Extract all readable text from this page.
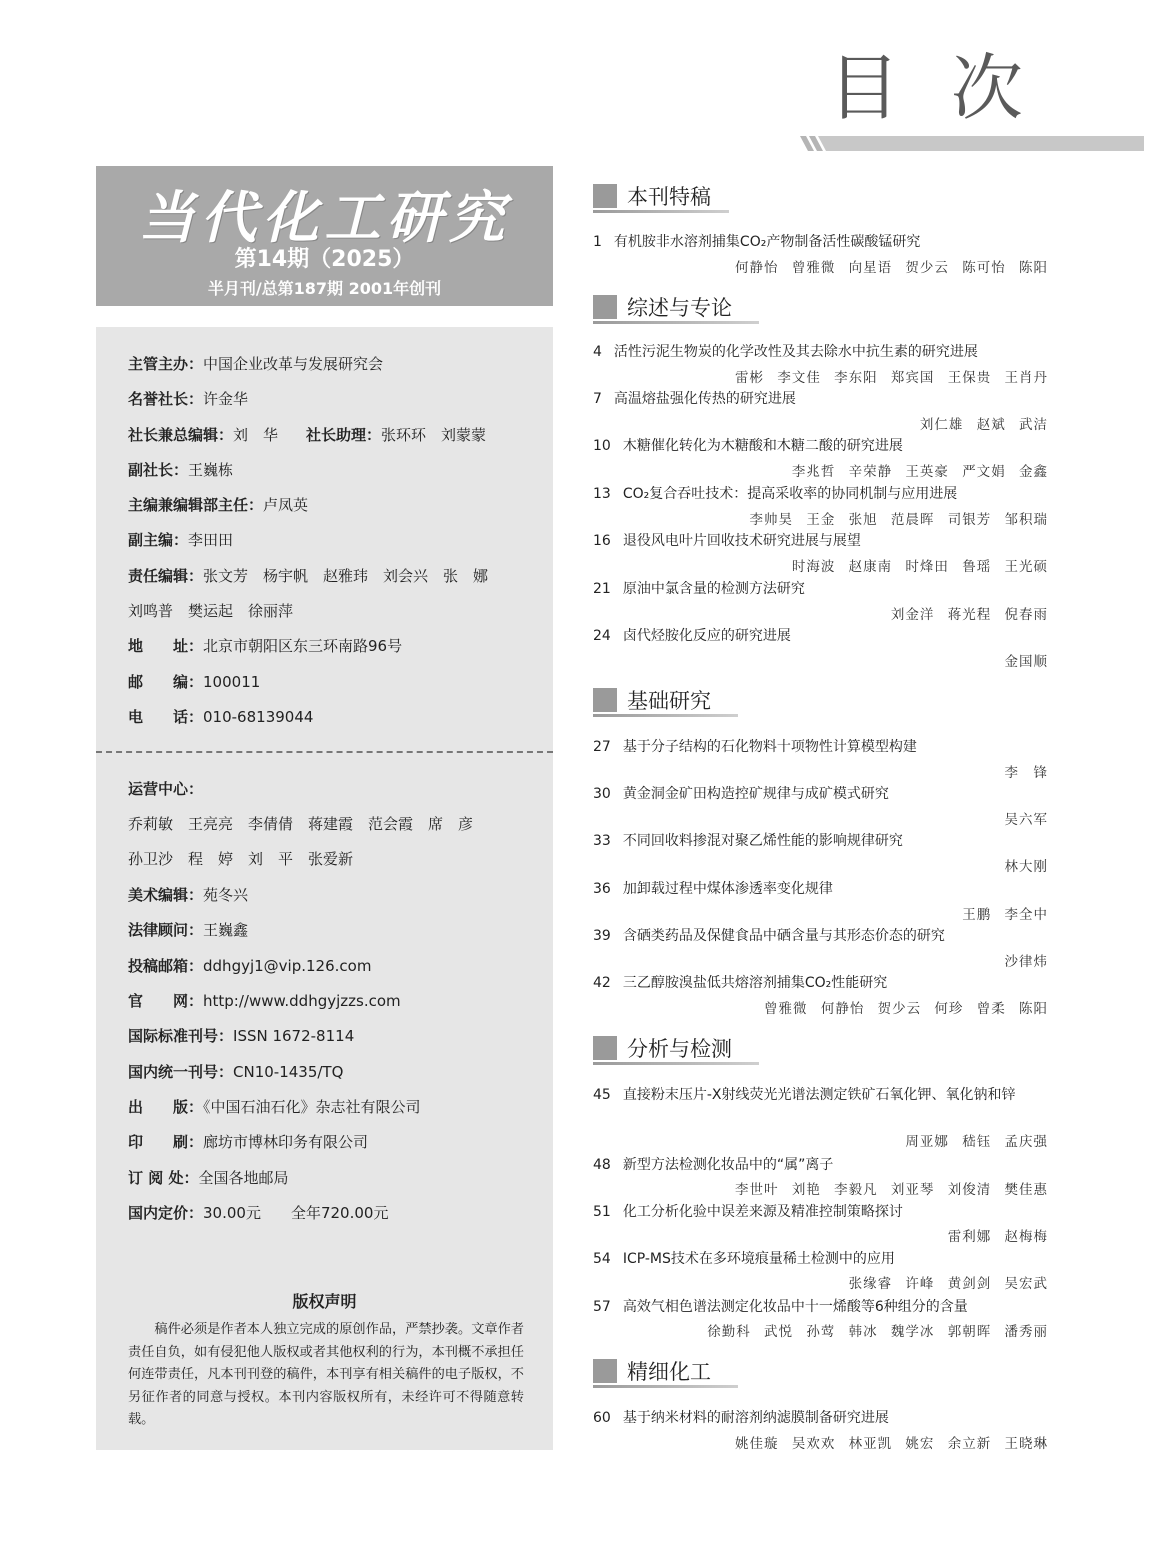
目 次
当代化工研究
第14期（2025）
半月刊/总第187期 2001年创刊
主管主办：中国企业改革与发展研究会
名誉社长：许金华
社长兼总编辑：刘　华 社长助理：张环环　刘蒙蒙
副社长：王巍栋
主编兼编辑部主任：卢凤英
副主编：李田田
责任编辑：张文芳　杨宇帆　赵雅玮　刘会兴　张　娜
刘鸣普　樊运起　徐丽萍
地　　址：北京市朝阳区东三环南路96号
邮　　编：100011
电　　话：010-68139044
运营中心：
乔莉敏　王亮亮　李倩倩　蒋建霞　范会霞　席　彦
孙卫沙　程　婷　刘　平　张爱新
美术编辑：苑冬兴
法律顾问：王巍鑫
投稿邮箱：ddhgyj1@vip.126.com
官　　网：http://www.ddhgyjzzs.com
国际标准刊号：ISSN 1672-8114
国内统一刊号：CN10-1435/TQ
出　　版：《中国石油石化》杂志社有限公司
印　　刷：廊坊市博林印务有限公司
订 阅 处：全国各地邮局
国内定价：30.00元　　全年720.00元
版权声明
稿件必须是作者本人独立完成的原创作品，严禁抄袭。文章作者责任自负，如有侵犯他人版权或者其他权利的行为，本刊概不承担任何连带责任，凡本刊刊登的稿件，本刊享有相关稿件的电子版权，不另征作者的同意与授权。本刊内容版权所有，未经许可不得随意转载。
本刊特稿
1 有机胺非水溶剂捕集CO₂产物制备活性碳酸锰研究
何静怡 曾雅微 向星语 贺少云 陈可怡 陈阳
综述与专论
4 活性污泥生物炭的化学改性及其去除水中抗生素的研究进展
雷彬 李文佳 李东阳 郑宾国 王保贵 王肖丹
7 高温熔盐强化传热的研究进展
刘仁雄 赵斌 武洁
10 木糖催化转化为木糖酸和木糖二酸的研究进展
李兆哲 辛荣静 王英豪 严文娟 金鑫
13 CO₂复合吞吐技术：提高采收率的协同机制与应用进展
李帅昊 王金 张旭 范晨晖 司银芳 邹积瑞
16 退役风电叶片回收技术研究进展与展望
时海波 赵康南 时烽田 鲁瑶 王光硕
21 原油中氯含量的检测方法研究
刘金洋 蒋光程 倪春雨
24 卤代烃胺化反应的研究进展
金国顺
基础研究
27 基于分子结构的石化物料十项物性计算模型构建
李　锋
30 黄金洞金矿田构造控矿规律与成矿模式研究
吴六军
33 不同回收料掺混对聚乙烯性能的影响规律研究
林大刚
36 加卸载过程中煤体渗透率变化规律
王鹏 李全中
39 含硒类药品及保健食品中硒含量与其形态价态的研究
沙律炜
42 三乙醇胺溴盐低共熔溶剂捕集CO₂性能研究
曾雅微 何静怡 贺少云 何珍 曾柔 陈阳
分析与检测
45 直接粉末压片-X射线荧光光谱法测定铁矿石氧化钾、氧化钠和锌
周亚娜 嵇钰 孟庆强
48 新型方法检测化妆品中的“属”离子
李世叶 刘艳 李毅凡 刘亚琴 刘俊清 樊佳惠
51 化工分析化验中误差来源及精准控制策略探讨
雷利娜 赵梅梅
54 ICP-MS技术在多环境痕量稀土检测中的应用
张缘睿 许峰 黄剑剑 吴宏武
57 高效气相色谱法测定化妆品中十一烯酸等6种组分的含量
徐勤科 武悦 孙莺 韩冰 魏学冰 郭朝晖 潘秀丽
精细化工
60 基于纳米材料的耐溶剂纳滤膜制备研究进展
姚佳璇 吴欢欢 林亚凯 姚宏 余立新 王晓琳
